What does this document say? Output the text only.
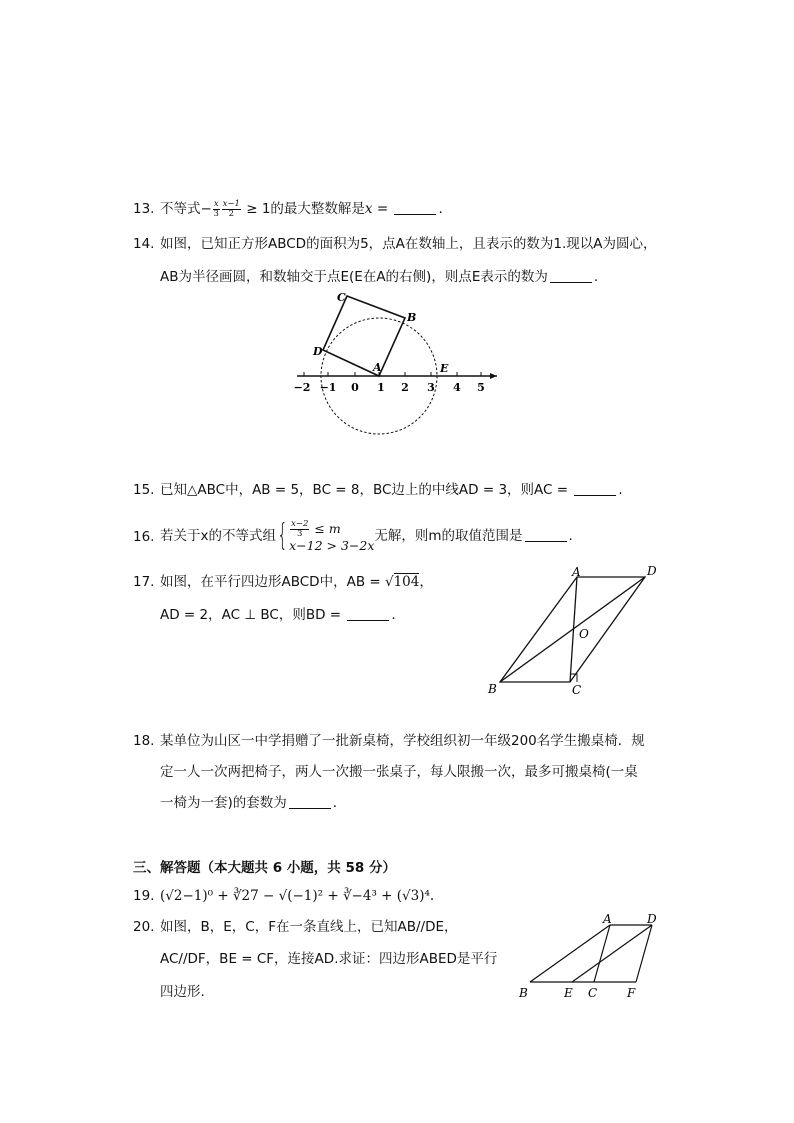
13. 不等式− $\frac{x}{3} \frac{x-1}{2} \ge 1$的最大整数解是x =	.
14. 如图，已知正方形ABCD的面积为5，点A在数轴上，且表示的数为1.现以A为圆心，
AB为半径画圆，和数轴交于点E(E在A的右侧)，则点E表示的数为	.
−2 −1 0 1 2 3 4 5
A
B
C
D
E
15. 已知△ABC中，AB = 5，BC = 8，BC边上的中线AD = 3，则AC =	.
16. 若关于x的不等式组{ $\frac{x-2}{3} \le m$
x−12 > 3−2x
无解，则m的取值范围是	.
17. 如图，在平行四边形ABCD中，AB = √104，
AD = 2，AC ⊥ BC，则BD =	.
A
B	C
D
O
18. 某单位为山区一中学捐赠了一批新桌椅，学校组织初一年级200名学生搬桌椅．规
定一人一次两把椅子，两人一次搬一张桌子，每人限搬一次，最多可搬桌椅(一桌
一椅为一套)的套数为	.
三、解答题（本大题共 6 小题，共 58 分）
19. (√2−1)⁰ + ∛27 − √(−1)² + ∛−4³ + (√3)⁴.
20. 如图，B，E，C，F在一条直线上，已知AB//DE，
AC//DF，BE = CF，连接AD.求证：四边形ABED是平行
四边形.
A
B	C
D
E	F
